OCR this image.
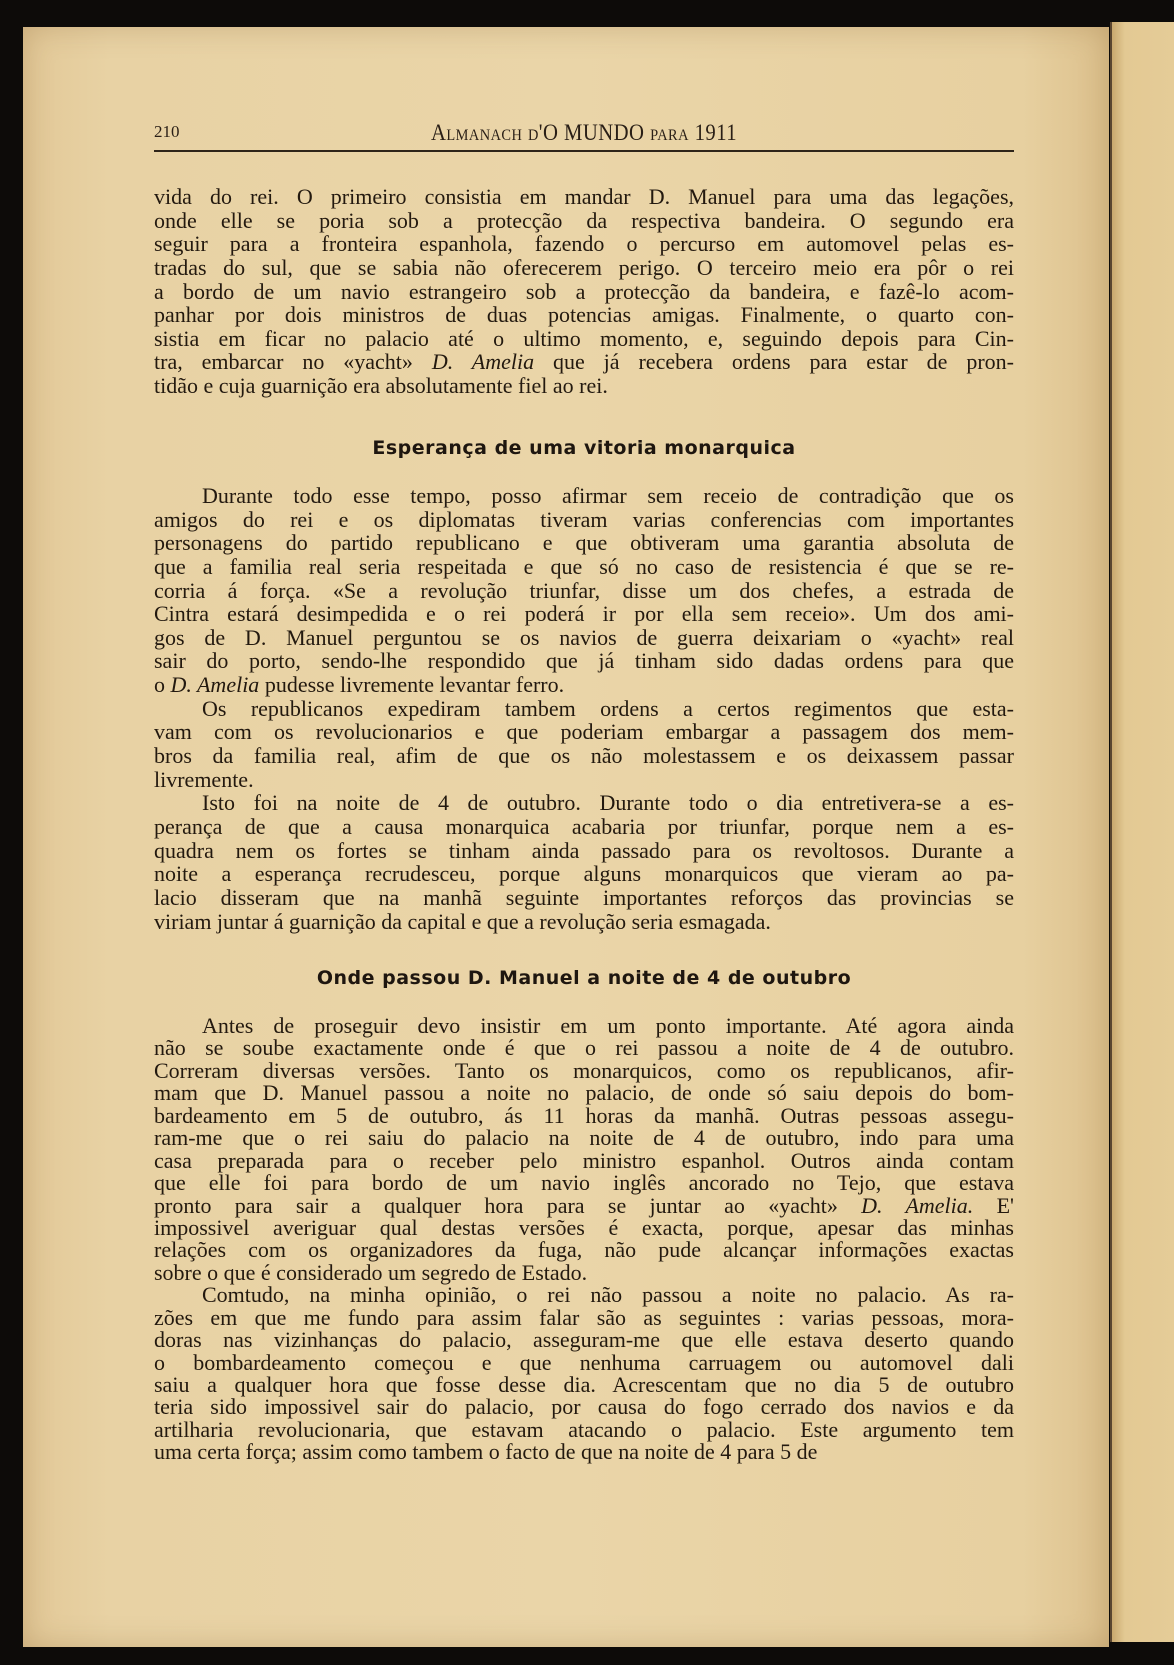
210	Almanach d'O MUNDO para 1911
vida do rei. O primeiro consistia em mandar D. Manuel para uma das legações,
onde elle se poria sob a protecção da respectiva bandeira. O segundo era
seguir para a fronteira espanhola, fazendo o percurso em automovel pelas es-
tradas do sul, que se sabia não oferecerem perigo. O terceiro meio era pôr o rei
a bordo de um navio estrangeiro sob a protecção da bandeira, e fazê-lo acom-
panhar por dois ministros de duas potencias amigas. Finalmente, o quarto con-
sistia em ficar no palacio até o ultimo momento, e, seguindo depois para Cin-
tra, embarcar no «yacht» D. Amelia que já recebera ordens para estar de pron-
tidão e cuja guarnição era absolutamente fiel ao rei.
Esperança de uma vitoria monarquica
Durante todo esse tempo, posso afirmar sem receio de contradição que os
amigos do rei e os diplomatas tiveram varias conferencias com importantes
personagens do partido republicano e que obtiveram uma garantia absoluta de
que a familia real seria respeitada e que só no caso de resistencia é que se re-
corria á força. «Se a revolução triunfar, disse um dos chefes, a estrada de
Cintra estará desimpedida e o rei poderá ir por ella sem receio». Um dos ami-
gos de D. Manuel perguntou se os navios de guerra deixariam o «yacht» real
sair do porto, sendo-lhe respondido que já tinham sido dadas ordens para que
o D. Amelia pudesse livremente levantar ferro.
Os republicanos expediram tambem ordens a certos regimentos que esta-
vam com os revolucionarios e que poderiam embargar a passagem dos mem-
bros da familia real, afim de que os não molestassem e os deixassem passar
livremente.
Isto foi na noite de 4 de outubro. Durante todo o dia entretivera-se a es-
perança de que a causa monarquica acabaria por triunfar, porque nem a es-
quadra nem os fortes se tinham ainda passado para os revoltosos. Durante a
noite a esperança recrudesceu, porque alguns monarquicos que vieram ao pa-
lacio disseram que na manhã seguinte importantes reforços das provincias se
viriam juntar á guarnição da capital e que a revolução seria esmagada.
Onde passou D. Manuel a noite de 4 de outubro
Antes de proseguir devo insistir em um ponto importante. Até agora ainda
não se soube exactamente onde é que o rei passou a noite de 4 de outubro.
Correram diversas versões. Tanto os monarquicos, como os republicanos, afir-
mam que D. Manuel passou a noite no palacio, de onde só saiu depois do bom-
bardeamento em 5 de outubro, ás 11 horas da manhã. Outras pessoas assegu-
ram-me que o rei saiu do palacio na noite de 4 de outubro, indo para uma
casa preparada para o receber pelo ministro espanhol. Outros ainda contam
que elle foi para bordo de um navio inglês ancorado no Tejo, que estava
pronto para sair a qualquer hora para se juntar ao «yacht» D. Amelia. E'
impossivel averiguar qual destas versões é exacta, porque, apesar das minhas
relações com os organizadores da fuga, não pude alcançar informações exactas
sobre o que é considerado um segredo de Estado.
Comtudo, na minha opinião, o rei não passou a noite no palacio. As ra-
zões em que me fundo para assim falar são as seguintes : varias pessoas, mora-
doras nas vizinhanças do palacio, asseguram-me que elle estava deserto quando
o bombardeamento começou e que nenhuma carruagem ou automovel dali
saiu a qualquer hora que fosse desse dia. Acrescentam que no dia 5 de outubro
teria sido impossivel sair do palacio, por causa do fogo cerrado dos navios e da
artilharia revolucionaria, que estavam atacando o palacio. Este argumento tem
uma certa força; assim como tambem o facto de que na noite de 4 para 5 de
